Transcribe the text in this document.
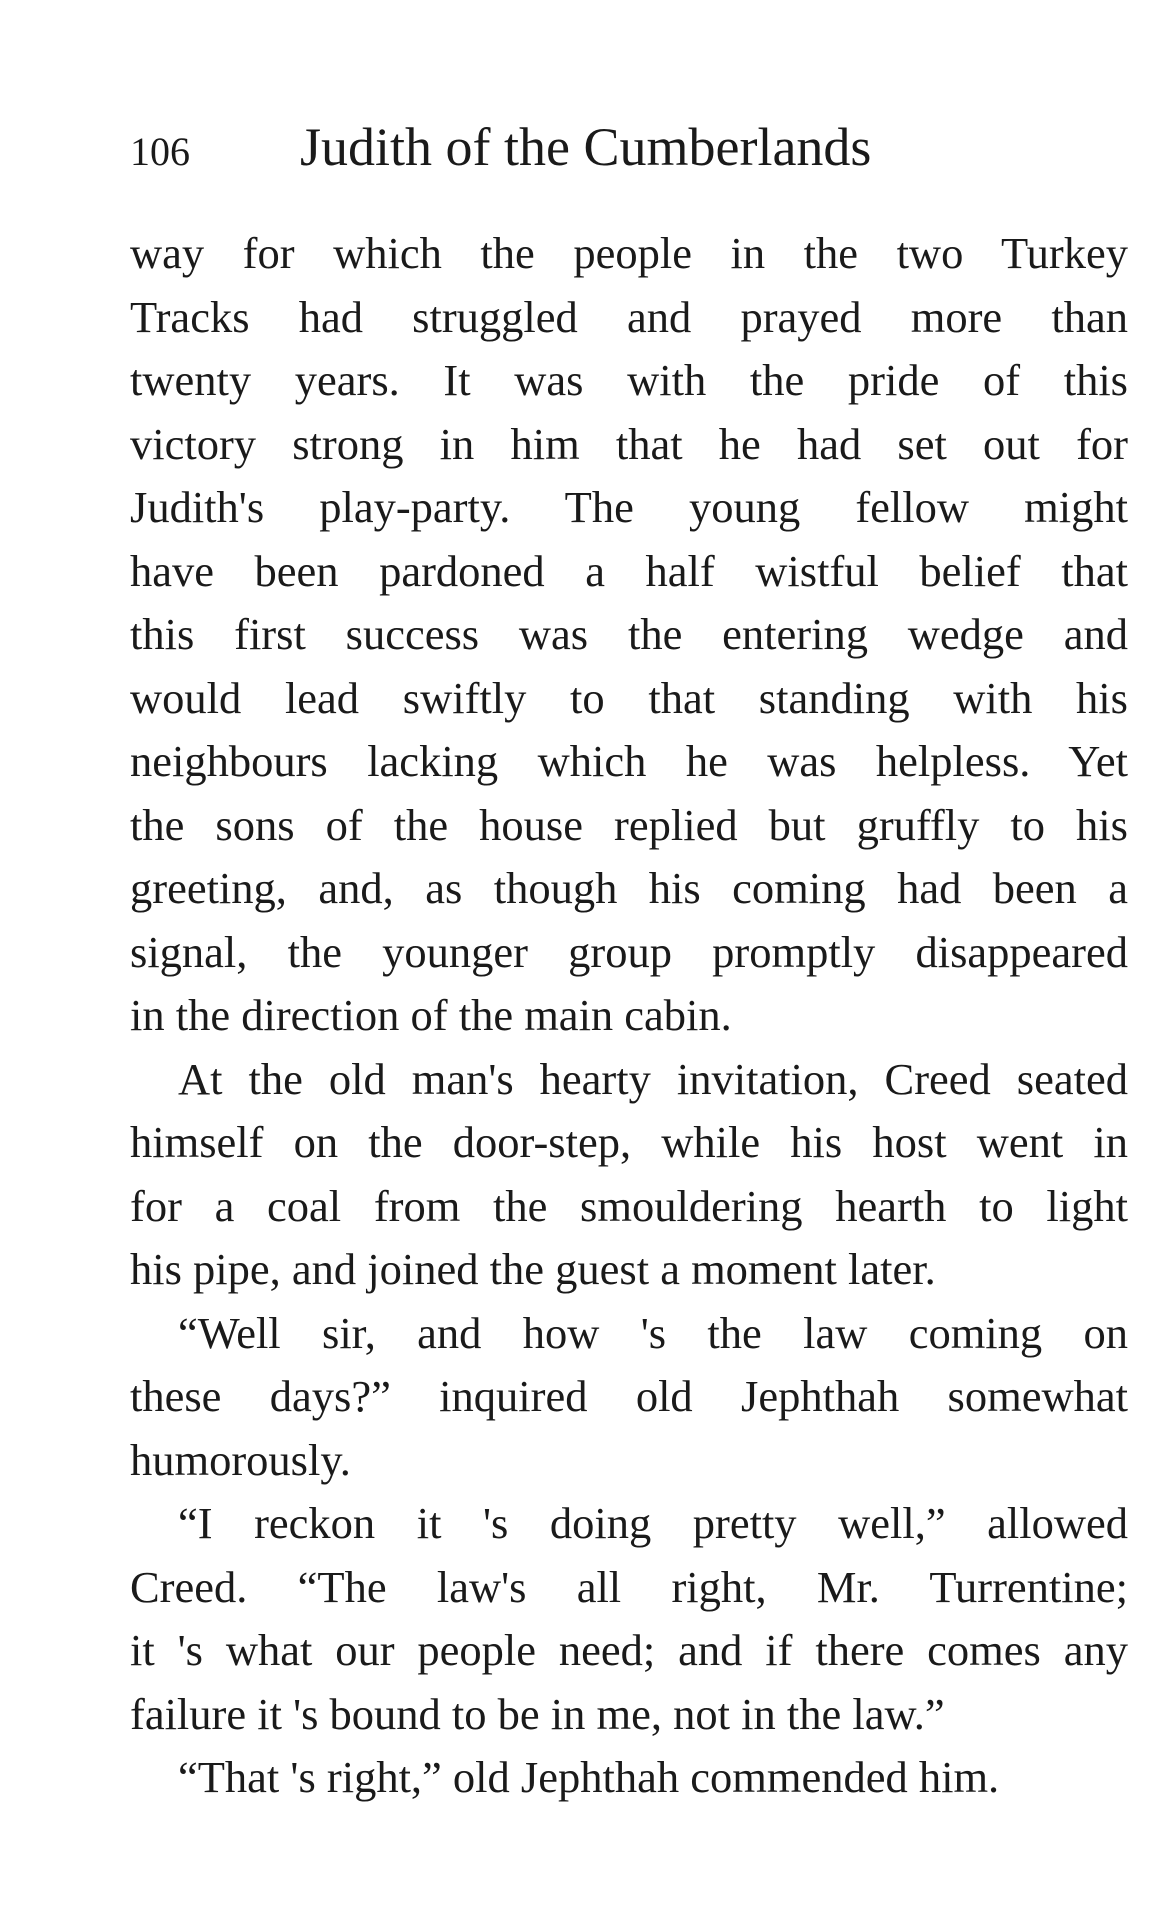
106 Judith of the Cumberlands
way for which the people in the two Turkey
Tracks had struggled and prayed more than
twenty years. It was with the pride of this
victory strong in him that he had set out for
Judith's play-party. The young fellow might
have been pardoned a half wistful belief that
this first success was the entering wedge and
would lead swiftly to that standing with his
neighbours lacking which he was helpless. Yet
the sons of the house replied but gruffly to his
greeting, and, as though his coming had been a
signal, the younger group promptly disappeared
in the direction of the main cabin.
At the old man's hearty invitation, Creed seated
himself on the door-step, while his host went in
for a coal from the smouldering hearth to light
his pipe, and joined the guest a moment later.
“Well sir, and how 's the law coming on
these days?” inquired old Jephthah somewhat
humorously.
“I reckon it 's doing pretty well,” allowed
Creed. “The law's all right, Mr. Turrentine;
it 's what our people need; and if there comes any
failure it 's bound to be in me, not in the law.”
“That 's right,” old Jephthah commended him.
